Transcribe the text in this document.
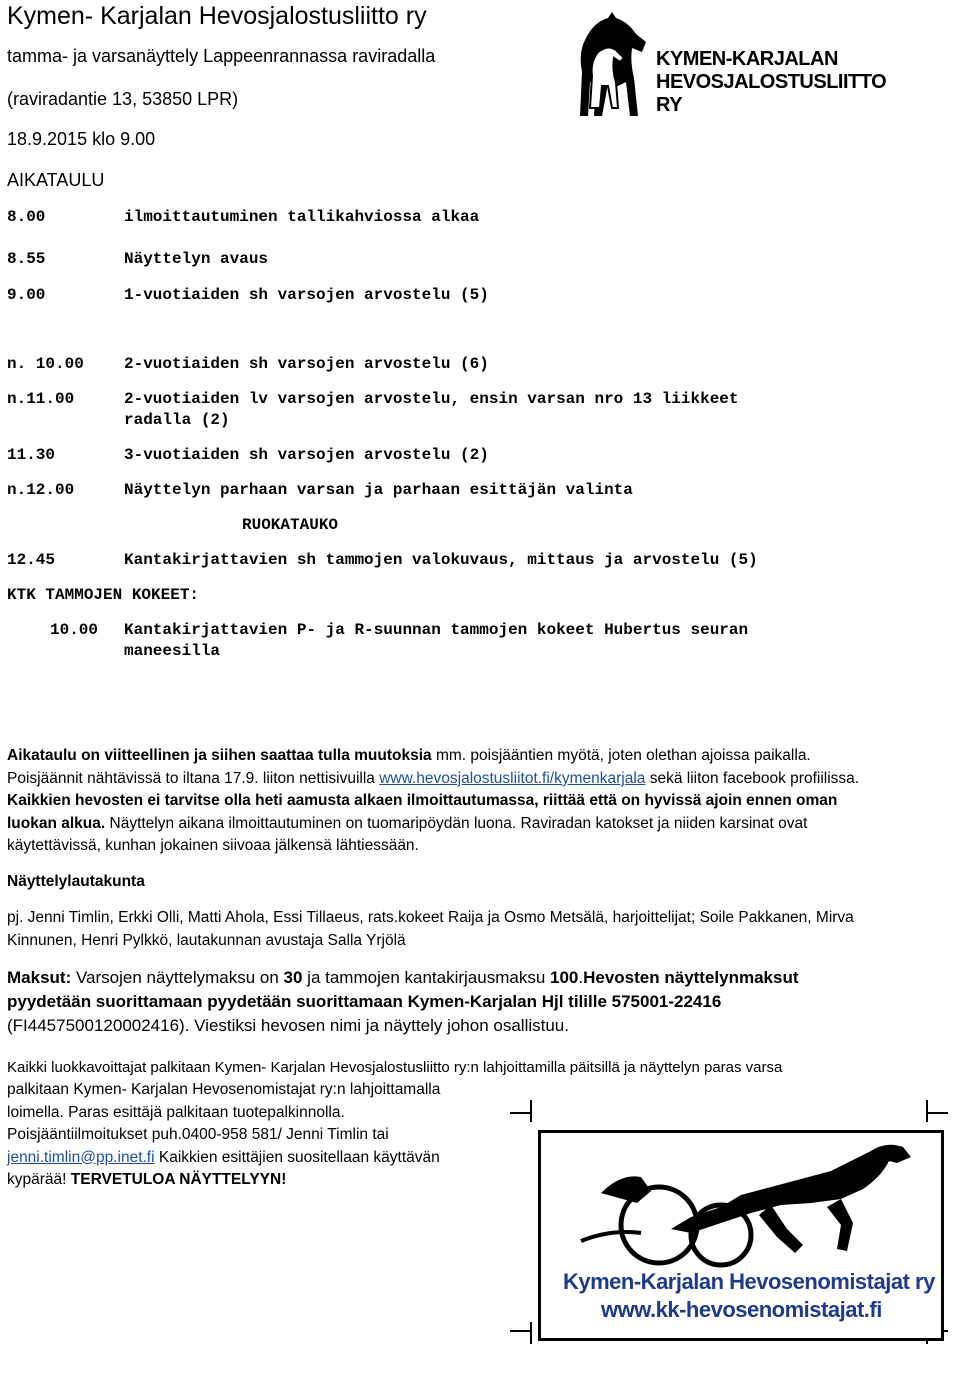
Kymen- Karjalan Hevosjalostusliitto ry
tamma- ja varsanäyttely Lappeenrannassa raviradalla
(raviradantie 13, 53850 LPR)
18.9.2015 klo 9.00
AIKATAULU
KYMEN-KARJALAN
HEVOSJALOSTUSLIITTO RY
8.00	ilmoittautuminen tallikahviossa alkaa
8.55	Näyttelyn avaus
9.00	1-vuotiaiden sh varsojen arvostelu (5)
n. 10.00	2-vuotiaiden sh varsojen arvostelu (6)
n.11.00	2-vuotiaiden lv varsojen arvostelu, ensin varsan nro 13 liikkeet
radalla (2)
11.30	3-vuotiaiden sh varsojen arvostelu (2)
n.12.00	Näyttelyn parhaan varsan ja parhaan esittäjän valinta
RUOKATAUKO
12.45	Kantakirjattavien sh tammojen valokuvaus, mittaus ja arvostelu (5)
KTK TAMMOJEN KOKEET:
10.00 Kantakirjattavien P- ja R-suunnan tammojen kokeet Hubertus seuran
maneesilla
Aikataulu on viitteellinen ja siihen saattaa tulla muutoksia mm. poisjääntien myötä, joten olethan ajoissa paikalla. Poisjäännit nähtävissä to iltana 17.9. liiton nettisivuilla www.hevosjalostusliitot.fi/kymenkarjala sekä liiton facebook profiilissa. Kaikkien hevosten ei tarvitse olla heti aamusta alkaen ilmoittautumassa, riittää että on hyvissä ajoin ennen oman luokan alkua. Näyttelyn aikana ilmoittautuminen on tuomaripöydän luona. Raviradan katokset ja niiden karsinat ovat käytettävissä, kunhan jokainen siivoaa jälkensä lähtiessään.
Näyttelylautakunta
pj. Jenni Timlin, Erkki Olli, Matti Ahola, Essi Tillaeus, rats.kokeet Raija ja Osmo Metsälä, harjoittelijat; Soile Pakkanen, Mirva Kinnunen, Henri Pylkkö, lautakunnan avustaja Salla Yrjölä
Maksut: Varsojen näyttelymaksu on 30 ja tammojen kantakirjausmaksu 100.Hevosten näyttelynmaksut pyydetään suorittamaan pyydetään suorittamaan Kymen-Karjalan Hjl tilille 575001-22416 (FI4457500120002416). Viestiksi hevosen nimi ja näyttely johon osallistuu.
Kaikki luokkavoittajat palkitaan Kymen- Karjalan Hevosjalostusliitto ry:n lahjoittamilla päitsillä ja näyttelyn paras varsa
palkitaan Kymen- Karjalan Hevosenomistajat ry:n lahjoittamalla loimella. Paras esittäjä palkitaan tuotepalkinnolla. Poisjääntiilmoitukset puh.0400-958 581/ Jenni Timlin tai jenni.timlin@pp.inet.fi Kaikkien esittäjien suositellaan käyttävän kypärää! TERVETULOA NÄYTTELYYN!
Kymen-Karjalan Hevosenomistajat ry
www.kk-hevosenomistajat.fi
